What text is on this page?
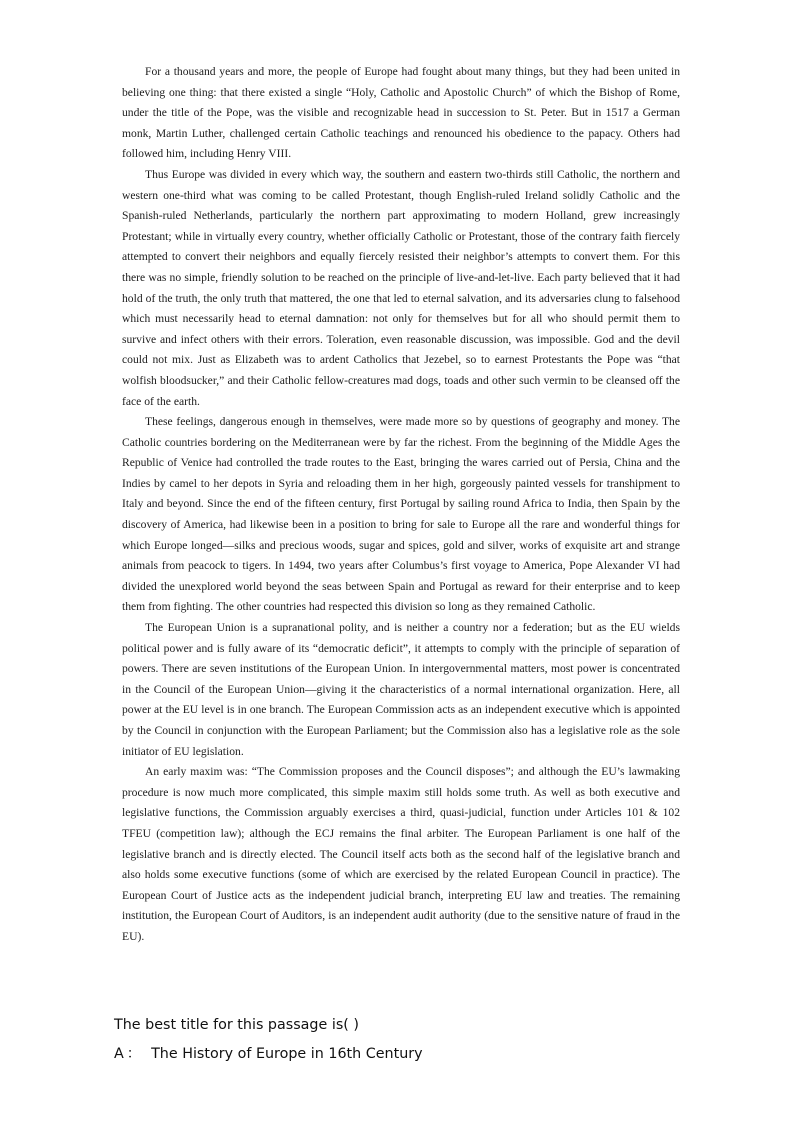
For a thousand years and more, the people of Europe had fought about many things, but they had been united in believing one thing: that there existed a single “Holy, Catholic and Apostolic Church” of which the Bishop of Rome, under the title of the Pope, was the visible and recognizable head in succession to St. Peter. But in 1517 a German monk, Martin Luther, challenged certain Catholic teachings and renounced his obedience to the papacy. Others had followed him, including Henry VIII.

Thus Europe was divided in every which way, the southern and eastern two-thirds still Catholic, the northern and western one-third what was coming to be called Protestant, though English-ruled Ireland solidly Catholic and the Spanish-ruled Netherlands, particularly the northern part approximating to modern Holland, grew increasingly Protestant; while in virtually every country, whether officially Catholic or Protestant, those of the contrary faith fiercely attempted to convert their neighbors and equally fiercely resisted their neighbor’s attempts to convert them. For this there was no simple, friendly solution to be reached on the principle of live-and-let-live. Each party believed that it had hold of the truth, the only truth that mattered, the one that led to eternal salvation, and its adversaries clung to falsehood which must necessarily head to eternal damnation: not only for themselves but for all who should permit them to survive and infect others with their errors. Toleration, even reasonable discussion, was impossible. God and the devil could not mix. Just as Elizabeth was to ardent Catholics that Jezebel, so to earnest Protestants the Pope was “that wolfish bloodsucker,” and their Catholic fellow-creatures mad dogs, toads and other such vermin to be cleansed off the face of the earth.

These feelings, dangerous enough in themselves, were made more so by questions of geography and money. The Catholic countries bordering on the Mediterranean were by far the richest. From the beginning of the Middle Ages the Republic of Venice had controlled the trade routes to the East, bringing the wares carried out of Persia, China and the Indies by camel to her depots in Syria and reloading them in her high, gorgeously painted vessels for transhipment to Italy and beyond. Since the end of the fifteen century, first Portugal by sailing round Africa to India, then Spain by the discovery of America, had likewise been in a position to bring for sale to Europe all the rare and wonderful things for which Europe longed—silks and precious woods, sugar and spices, gold and silver, works of exquisite art and strange animals from peacock to tigers. In 1494, two years after Columbus’s first voyage to America, Pope Alexander VI had divided the unexplored world beyond the seas between Spain and Portugal as reward for their enterprise and to keep them from fighting. The other countries had respected this division so long as they remained Catholic.

The European Union is a supranational polity, and is neither a country nor a federation; but as the EU wields political power and is fully aware of its “democratic deficit”, it attempts to comply with the principle of separation of powers. There are seven institutions of the European Union. In intergovernmental matters, most power is concentrated in the Council of the European Union—giving it the characteristics of a normal international organization. Here, all power at the EU level is in one branch. The European Commission acts as an independent executive which is appointed by the Council in conjunction with the European Parliament; but the Commission also has a legislative role as the sole initiator of EU legislation.

An early maxim was: “The Commission proposes and the Council disposes”; and although the EU’s lawmaking procedure is now much more complicated, this simple maxim still holds some truth. As well as both executive and legislative functions, the Commission arguably exercises a third, quasi-judicial, function under Articles 101 & 102 TFEU (competition law); although the ECJ remains the final arbiter. The European Parliament is one half of the legislative branch and is directly elected. The Council itself acts both as the second half of the legislative branch and also holds some executive functions (some of which are exercised by the related European Council in practice). The European Court of Justice acts as the independent judicial branch, interpreting EU law and treaties. The remaining institution, the European Court of Auditors, is an independent audit authority (due to the sensitive nature of fraud in the EU).

The best title for this passage is( )
A ： The History of Europe in 16th Century
